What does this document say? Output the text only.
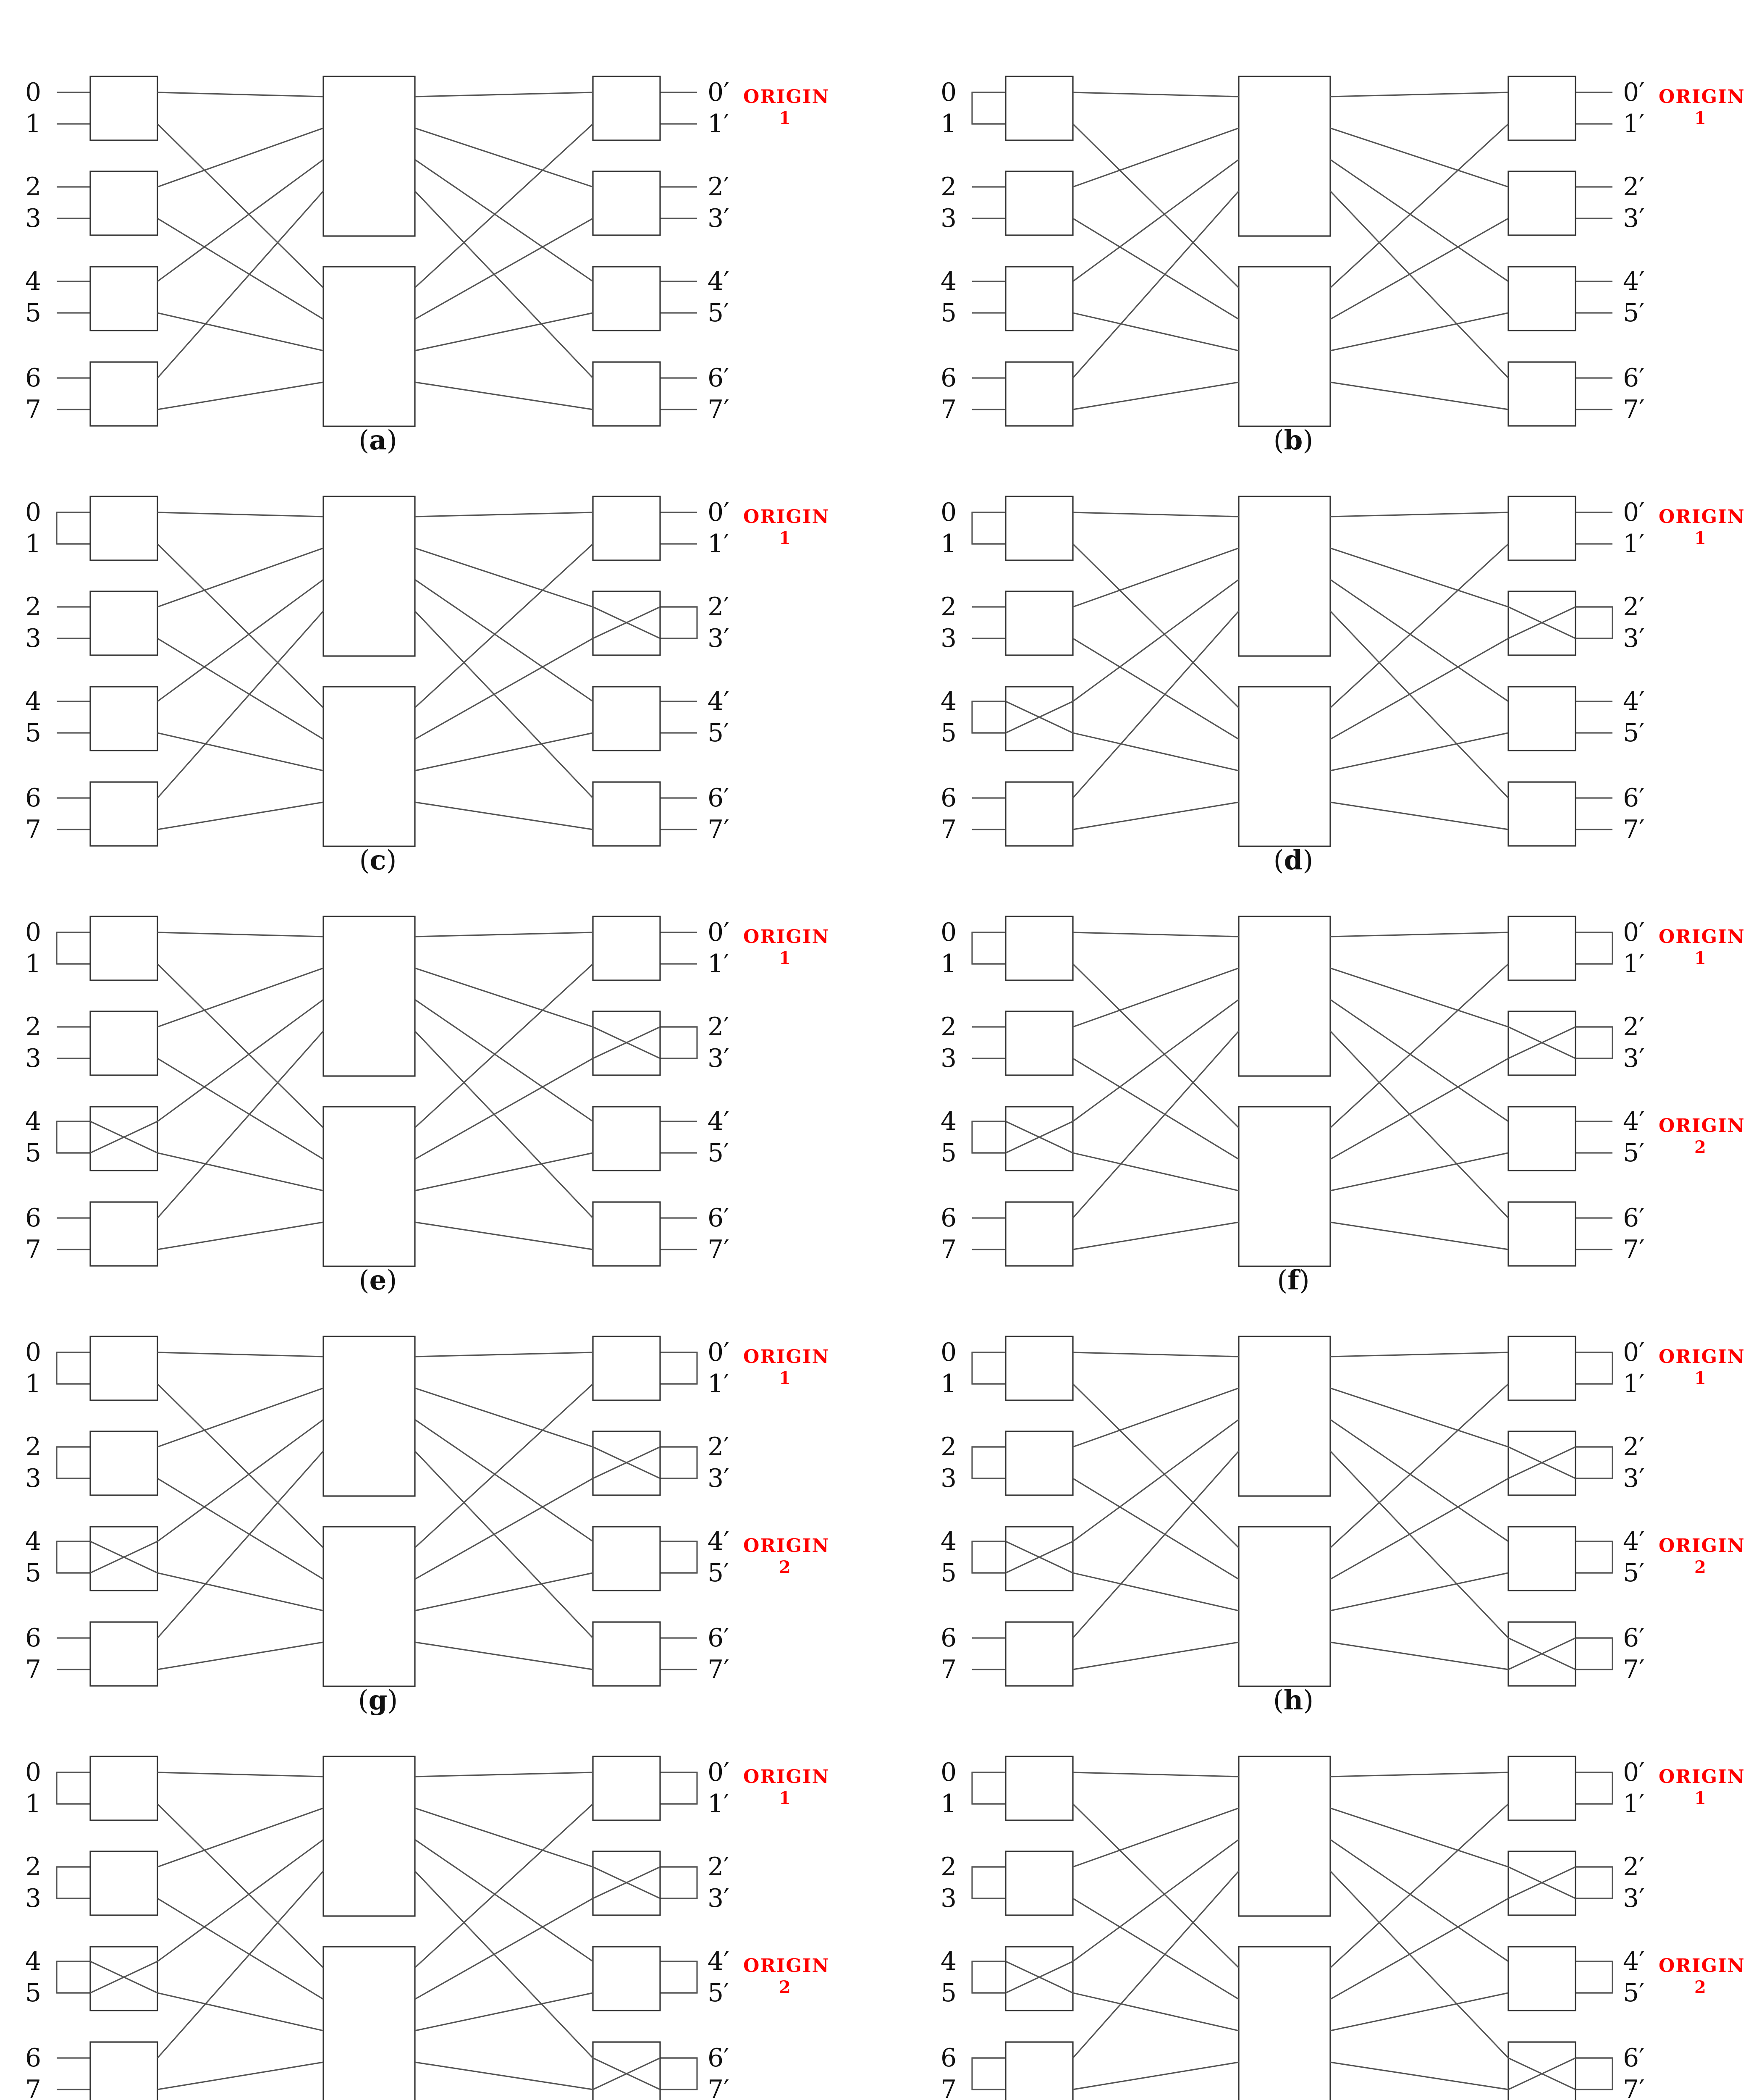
0
1
2
3
4
5
6
7
0′
1′
2′
3′
4′
5′
6′
7′
ORIGIN
1
(a)
0
1
2
3
4
5
6
7
0′
1′
2′
3′
4′
5′
6′
7′
ORIGIN
1
(b)
0
1
2
3
4
5
6
7
0′
1′
2′
3′
4′
5′
6′
7′
ORIGIN
1
(c)
0
1
2
3
4
5
6
7
0′
1′
2′
3′
4′
5′
6′
7′
ORIGIN
1
(d)
0
1
2
3
4
5
6
7
0′
1′
2′
3′
4′
5′
6′
7′
ORIGIN
1
(e)
0
1
2
3
4
5
6
7
0′
1′
2′
3′
4′
5′
6′
7′
ORIGIN
1
ORIGIN
2
(f)
0
1
2
3
4
5
6
7
0′
1′
2′
3′
4′
5′
6′
7′
ORIGIN
1
ORIGIN
2
(g)
0
1
2
3
4
5
6
7
0′
1′
2′
3′
4′
5′
6′
7′
ORIGIN
1
ORIGIN
2
(h)
0
1
2
3
4
5
6
7
0′
1′
2′
3′
4′
5′
6′
7′
ORIGIN
1
ORIGIN
2
0
1
2
3
4
5
6
7
0′
1′
2′
3′
4′
5′
6′
7′
ORIGIN
1
ORIGIN
2
